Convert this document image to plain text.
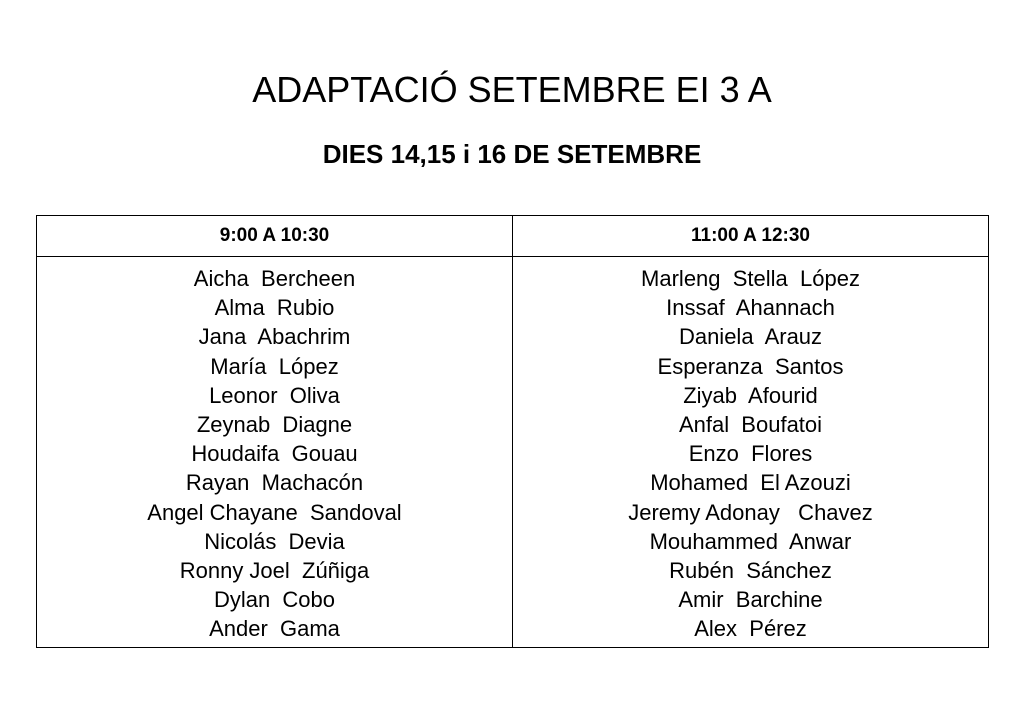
ADAPTACIÓ SETEMBRE EI 3 A
DIES 14,15 i 16 DE SETEMBRE
9:00 A 10:30
Aicha  Bercheen
Alma  Rubio
Jana  Abachrim
María  López
Leonor  Oliva
Zeynab  Diagne
Houdaifa  Gouau
Rayan  Machacón
Angel Chayane  Sandoval
Nicolás  Devia
Ronny Joel  Zúñiga
Dylan  Cobo
Ander  Gama
11:00 A 12:30
Marleng  Stella  López
Inssaf  Ahannach
Daniela  Arauz
Esperanza  Santos
Ziyab  Afourid
Anfal  Boufatoi
Enzo  Flores
Mohamed  El Azouzi
Jeremy Adonay   Chavez
Mouhammed  Anwar
Rubén  Sánchez
Amir  Barchine
Alex  Pérez
